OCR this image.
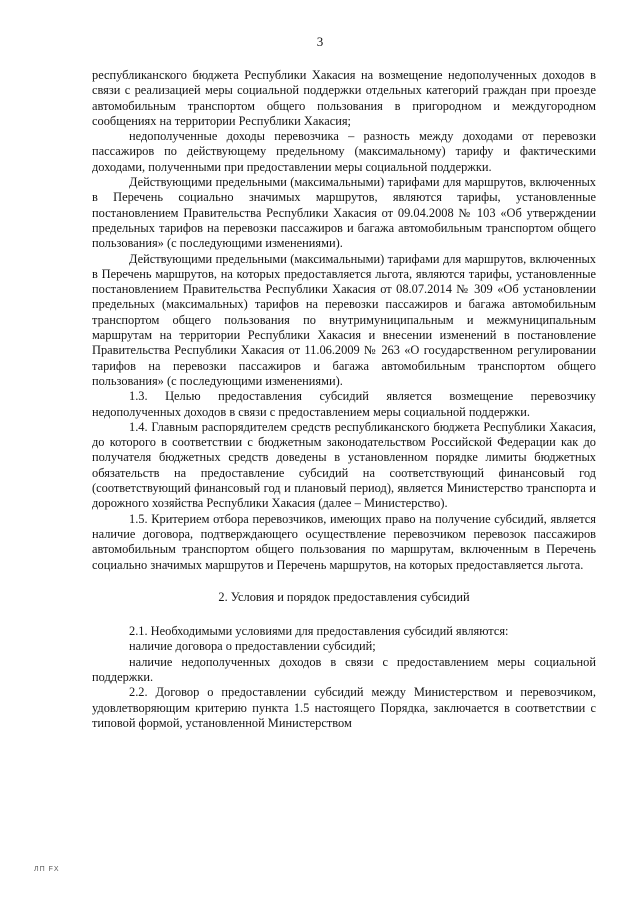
3

республиканского бюджета Республики Хакасия на возмещение недополученных доходов в связи с реализацией меры социальной поддержки отдельных категорий граждан при проезде автомобильным транспортом общего пользования в пригородном и междугородном сообщениях на территории Республики Хакасия;

недополученные доходы перевозчика – разность между доходами от перевозки пассажиров по действующему предельному (максимальному) тарифу и фактическими доходами, полученными при предоставлении меры социальной поддержки.

Действующими предельными (максимальными) тарифами для маршрутов, включенных в Перечень социально значимых маршрутов, являются тарифы, установленные постановлением Правительства Республики Хакасия от 09.04.2008 № 103 «Об утверждении предельных тарифов на перевозки пассажиров и багажа автомобильным транспортом общего пользования» (с последующими изменениями).

Действующими предельными (максимальными) тарифами для маршрутов, включенных в Перечень маршрутов, на которых предоставляется льгота, являются тарифы, установленные постановлением Правительства Республики Хакасия от 08.07.2014 № 309 «Об установлении предельных (максимальных) тарифов на перевозки пассажиров и багажа автомобильным транспортом общего пользования по внутримуниципальным и межмуниципальным маршрутам на территории Республики Хакасия и внесении изменений в постановление Правительства Республики Хакасия от 11.06.2009 № 263 «О государственном регулировании тарифов на перевозки пассажиров и багажа автомобильным транспортом общего пользования» (с последующими изменениями).

1.3. Целью предоставления субсидий является возмещение перевозчику недополученных доходов в связи с предоставлением меры социальной поддержки.

1.4. Главным распорядителем средств республиканского бюджета Республики Хакасия, до которого в соответствии с бюджетным законодательством Российской Федерации как до получателя бюджетных средств доведены в установленном порядке лимиты бюджетных обязательств на предоставление субсидий на соответствующий финансовый год (соответствующий финансовый год и плановый период), является Министерство транспорта и дорожного хозяйства Республики Хакасия (далее – Министерство).

1.5. Критерием отбора перевозчиков, имеющих право на получение субсидий, является наличие договора, подтверждающего осуществление перевозчиком перевозок пассажиров автомобильным транспортом общего пользования по маршрутам, включенным в Перечень социально значимых маршрутов и Перечень маршрутов, на которых предоставляется льгота.

2. Условия и порядок предоставления субсидий

2.1. Необходимыми условиями для предоставления субсидий являются:

наличие договора о предоставлении субсидий;

наличие недополученных доходов в связи с предоставлением меры социальной поддержки.

2.2. Договор о предоставлении субсидий между Министерством и перевозчиком, удовлетворяющим критерию пункта 1.5 настоящего Порядка, заключается в соответствии с типовой формой, установленной Министерством

ЛП FX
